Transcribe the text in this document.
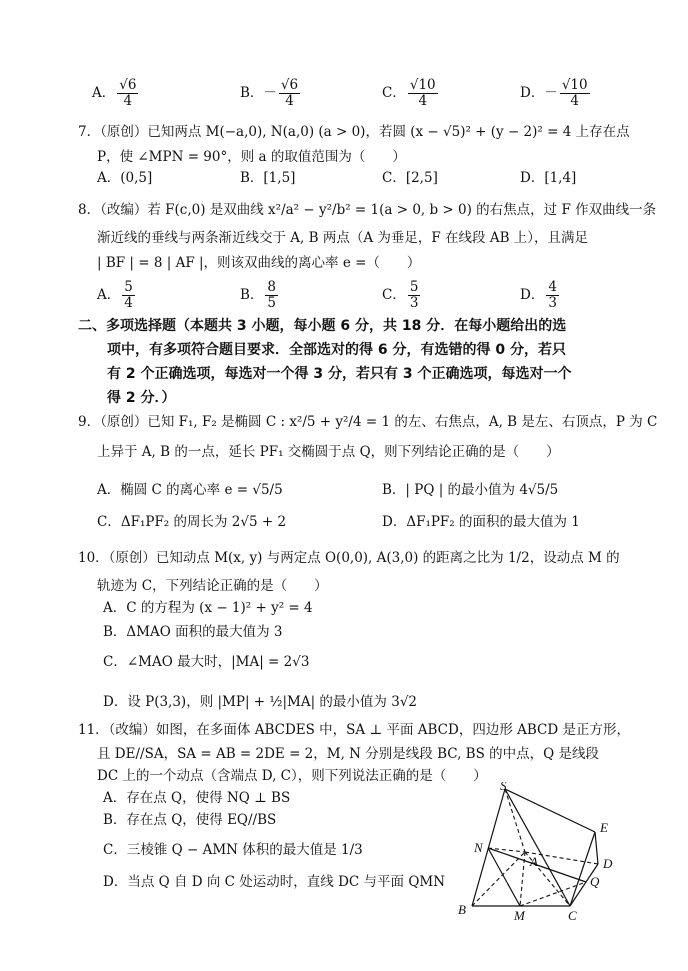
A． $\frac{√6}{4}$	B．－ $\frac{√6}{4}$	C． $\frac{√10}{4}$	D．－ $\frac{√10}{4}$
7．（原创）已知两点 M(−a,0), N(a,0) (a > 0)，若圆 (x − √5)² + (y − 2)² = 4 上存在点
P，使 ∠MPN = 90°，则 a 的取值范围为（　　）
A．(0,5]	B．[1,5]	C．[2,5]	D．[1,4]
8．（改编）若 F(c,0) 是双曲线 x²/a² − y²/b² = 1(a > 0, b > 0) 的右焦点，过 F 作双曲线一条
渐近线的垂线与两条渐近线交于 A, B 两点（A 为垂足，F 在线段 AB 上），且满足
| BF | = 8 | AF |，则该双曲线的离心率 e =（　　）
A． $\frac{5}{4}$	B． $\frac{8}{5}$	C． $\frac{5}{3}$	D． $\frac{4}{3}$
二、多项选择题（本题共 3 小题，每小题 6 分，共 18 分．在每小题给出的选
项中，有多项符合题目要求．全部选对的得 6 分，有选错的得 0 分，若只
有 2 个正确选项，每选对一个得 3 分，若只有 3 个正确选项，每选对一个
得 2 分．）
9．（原创）已知 F₁, F₂ 是椭圆 C : x²/5 + y²/4 = 1 的左、右焦点，A, B 是左、右顶点，P 为 C
上异于 A, B 的一点，延长 PF₁ 交椭圆于点 Q，则下列结论正确的是（　　）
A．椭圆 C 的离心率 e = √5/5	B．| PQ | 的最小值为 4√5/5
C．ΔF₁PF₂ 的周长为 2√5 + 2	D．ΔF₁PF₂ 的面积的最大值为 1
10．（原创）已知动点 M(x, y) 与两定点 O(0,0), A(3,0) 的距离之比为 1/2，设动点 M 的
轨迹为 C，下列结论正确的是（　　）
A．C 的方程为 (x − 1)² + y² = 4
B．ΔMAO 面积的最大值为 3
C．∠MAO 最大时，|MA| = 2√3
D．设 P(3,3)，则 |MP| + ½|MA| 的最小值为 3√2
11．（改编）如图，在多面体 ABCDES 中，SA ⊥ 平面 ABCD，四边形 ABCD 是正方形，
且 DE//SA，SA = AB = 2DE = 2，M, N 分别是线段 BC, BS 的中点，Q 是线段
DC 上的一个动点（含端点 D, C），则下列说法正确的是（　　）
A．存在点 Q，使得 NQ ⊥ BS
B．存在点 Q，使得 EQ//BS
C．三棱锥 Q − AMN 体积的最大值是 1/3
D．当点 Q 自 D 向 C 处运动时，直线 DC 与平面 QMN
S
E
N
A	D
Q
B	M	C
